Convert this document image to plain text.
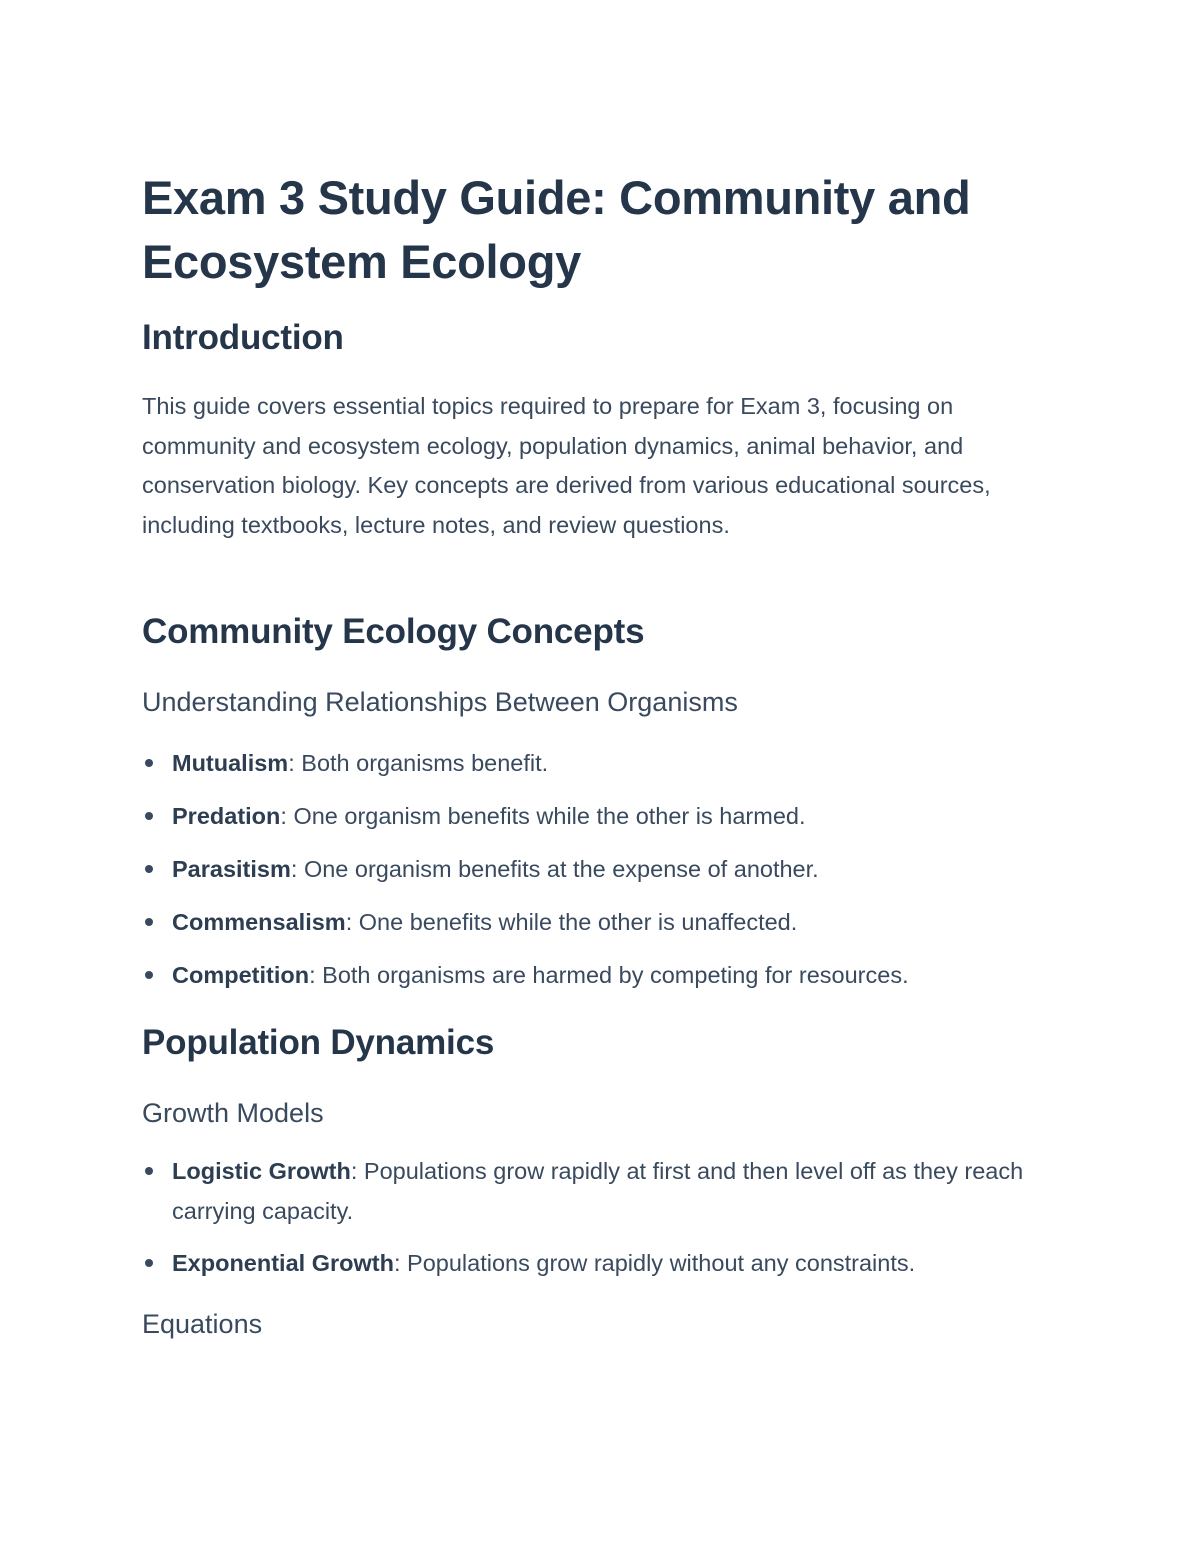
Exam 3 Study Guide: Community and Ecosystem Ecology
Introduction

This guide covers essential topics required to prepare for Exam 3, focusing on community and ecosystem ecology, population dynamics, animal behavior, and conservation biology. Key concepts are derived from various educational sources, including textbooks, lecture notes, and review questions.

Community Ecology Concepts
Understanding Relationships Between Organisms
Mutualism: Both organisms benefit.
Predation: One organism benefits while the other is harmed.
Parasitism: One organism benefits at the expense of another.
Commensalism: One benefits while the other is unaffected.
Competition: Both organisms are harmed by competing for resources.
Population Dynamics
Growth Models
Logistic Growth: Populations grow rapidly at first and then level off as they reach carrying capacity.
Exponential Growth: Populations grow rapidly without any constraints.
Equations
